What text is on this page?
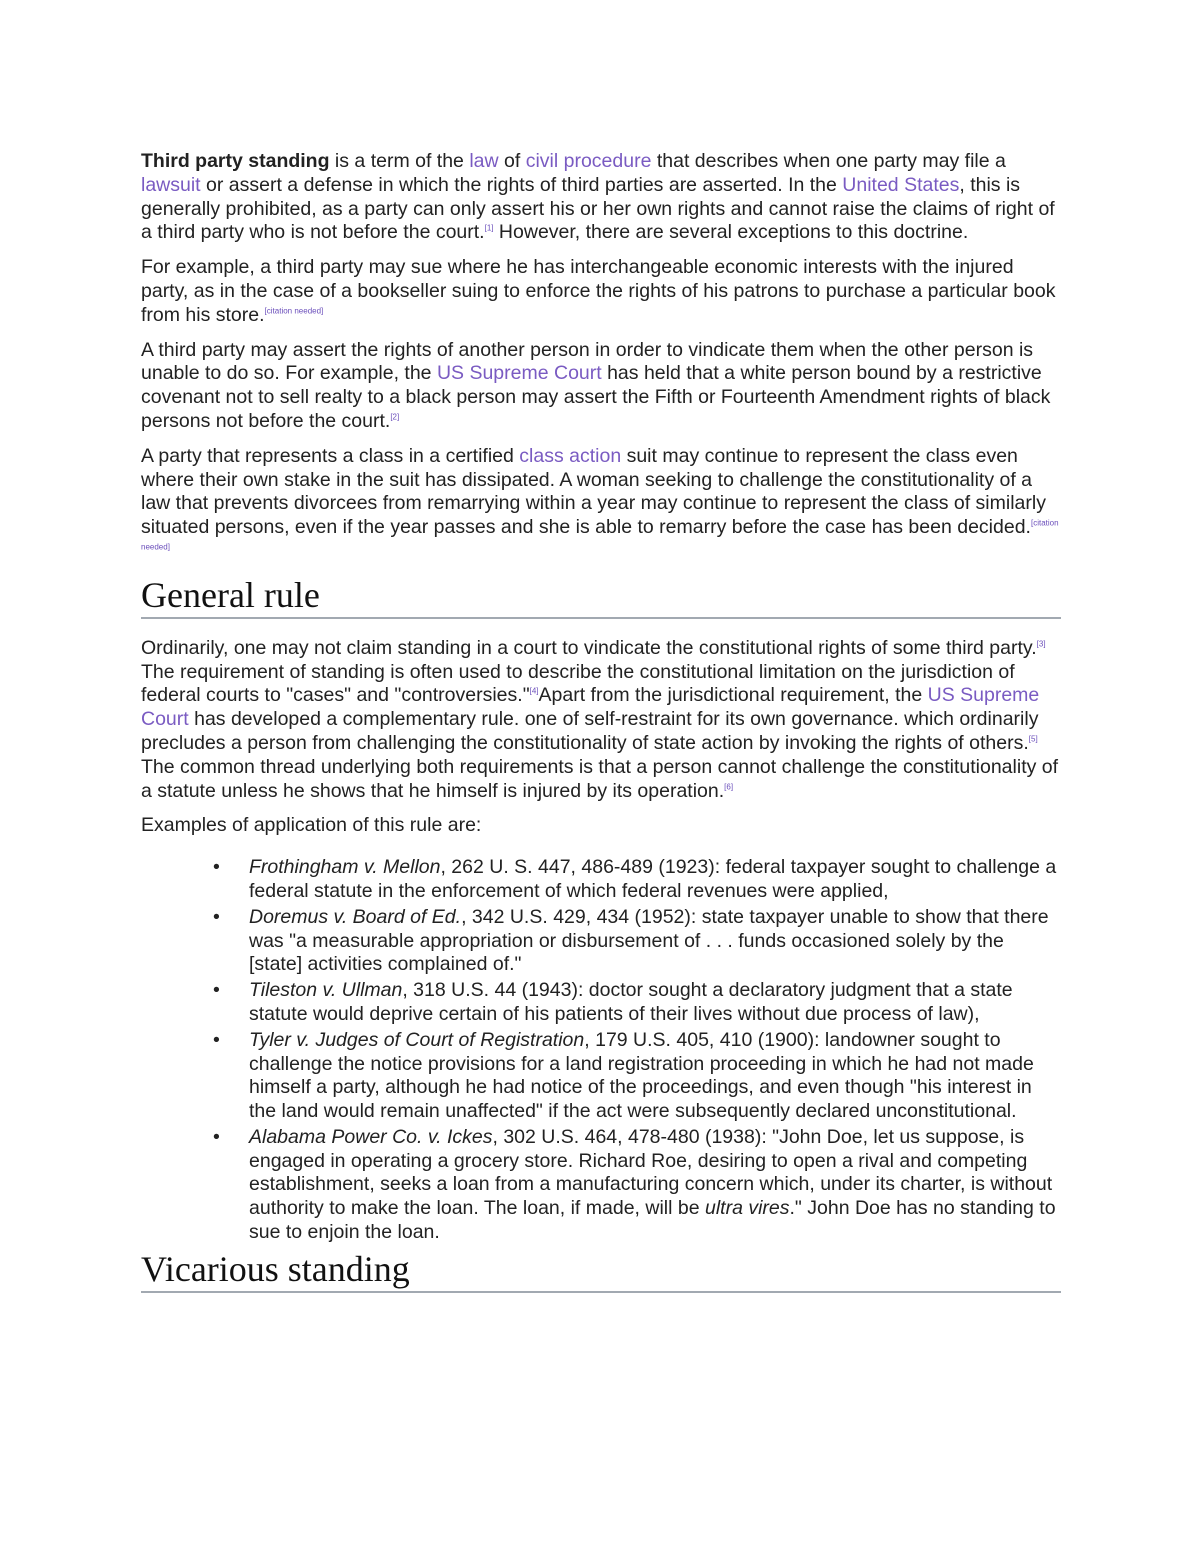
Third party standing is a term of the law of civil procedure that describes when one party may file a lawsuit or assert a defense in which the rights of third parties are asserted. In the United States, this is generally prohibited, as a party can only assert his or her own rights and cannot raise the claims of right of a third party who is not before the court.[1] However, there are several exceptions to this doctrine.

For example, a third party may sue where he has interchangeable economic interests with the injured party, as in the case of a bookseller suing to enforce the rights of his patrons to purchase a particular book from his store.[citation needed]

A third party may assert the rights of another person in order to vindicate them when the other person is unable to do so. For example, the US Supreme Court has held that a white person bound by a restrictive covenant not to sell realty to a black person may assert the Fifth or Fourteenth Amendment rights of black persons not before the court.[2]

A party that represents a class in a certified class action suit may continue to represent the class even where their own stake in the suit has dissipated. A woman seeking to challenge the constitutionality of a law that prevents divorcees from remarrying within a year may continue to represent the class of similarly situated persons, even if the year passes and she is able to remarry before the case has been decided.[citation needed]

General rule

Ordinarily, one may not claim standing in a court to vindicate the constitutional rights of some third party.[3] The requirement of standing is often used to describe the constitutional limitation on the jurisdiction of federal courts to "cases" and "controversies."[4]Apart from the jurisdictional requirement, the US Supreme Court has developed a complementary rule. one of self-restraint for its own governance. which ordinarily precludes a person from challenging the constitutionality of state action by invoking the rights of others.[5] The common thread underlying both requirements is that a person cannot challenge the constitutionality of a statute unless he shows that he himself is injured by its operation.[6]

Examples of application of this rule are:

• Frothingham v. Mellon, 262 U. S. 447, 486-489 (1923): federal taxpayer sought to challenge a federal statute in the enforcement of which federal revenues were applied,
• Doremus v. Board of Ed., 342 U.S. 429, 434 (1952): state taxpayer unable to show that there was "a measurable appropriation or disbursement of . . . funds occasioned solely by the [state] activities complained of."
• Tileston v. Ullman, 318 U.S. 44 (1943): doctor sought a declaratory judgment that a state statute would deprive certain of his patients of their lives without due process of law),
• Tyler v. Judges of Court of Registration, 179 U.S. 405, 410 (1900): landowner sought to challenge the notice provisions for a land registration proceeding in which he had not made himself a party, although he had notice of the proceedings, and even though "his interest in the land would remain unaffected" if the act were subsequently declared unconstitutional.
• Alabama Power Co. v. Ickes, 302 U.S. 464, 478-480 (1938): "John Doe, let us suppose, is engaged in operating a grocery store. Richard Roe, desiring to open a rival and competing establishment, seeks a loan from a manufacturing concern which, under its charter, is without authority to make the loan. The loan, if made, will be ultra vires." John Doe has no standing to sue to enjoin the loan.
Vicarious standing
